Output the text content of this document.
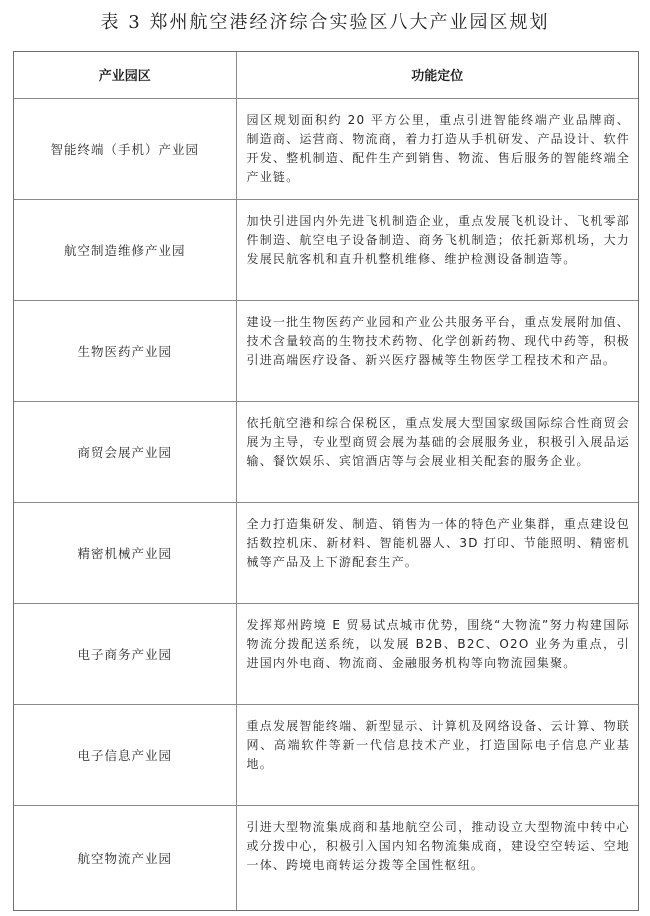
表 3 郑州航空港经济综合实验区八大产业园区规划
产业园区	功能定位
智能终端（手机）产业园	园区规划面积约 20 平方公里，重点引进智能终端产业品牌商、制造商、运营商、物流商，着力打造从手机研发、产品设计、软件开发、整机制造、配件生产到销售、物流、售后服务的智能终端全产业链。
航空制造维修产业园	加快引进国内外先进飞机制造企业，重点发展飞机设计、飞机零部件制造、航空电子设备制造、商务飞机制造；依托新郑机场，大力发展民航客机和直升机整机维修、维护检测设备制造等。
生物医药产业园	建设一批生物医药产业园和产业公共服务平台，重点发展附加值、技术含量较高的生物技术药物、化学创新药物、现代中药等，积极引进高端医疗设备、新兴医疗器械等生物医学工程技术和产品。
商贸会展产业园	依托航空港和综合保税区，重点发展大型国家级国际综合性商贸会展为主导，专业型商贸会展为基础的会展服务业，积极引入展品运输、餐饮娱乐、宾馆酒店等与会展业相关配套的服务企业。
精密机械产业园	全力打造集研发、制造、销售为一体的特色产业集群，重点建设包括数控机床、新材料、智能机器人、3D 打印、节能照明、精密机械等产品及上下游配套生产。
电子商务产业园	发挥郑州跨境 E 贸易试点城市优势，围绕“大物流”努力构建国际物流分拨配送系统，以发展 B2B、B2C、O2O 业务为重点，引进国内外电商、物流商、金融服务机构等向物流园集聚。
电子信息产业园	重点发展智能终端、新型显示、计算机及网络设备、云计算、物联网、高端软件等新一代信息技术产业，打造国际电子信息产业基地。
航空物流产业园	引进大型物流集成商和基地航空公司，推动设立大型物流中转中心或分拨中心，积极引入国内知名物流集成商，建设空空转运、空地一体、跨境电商转运分拨等全国性枢纽。
